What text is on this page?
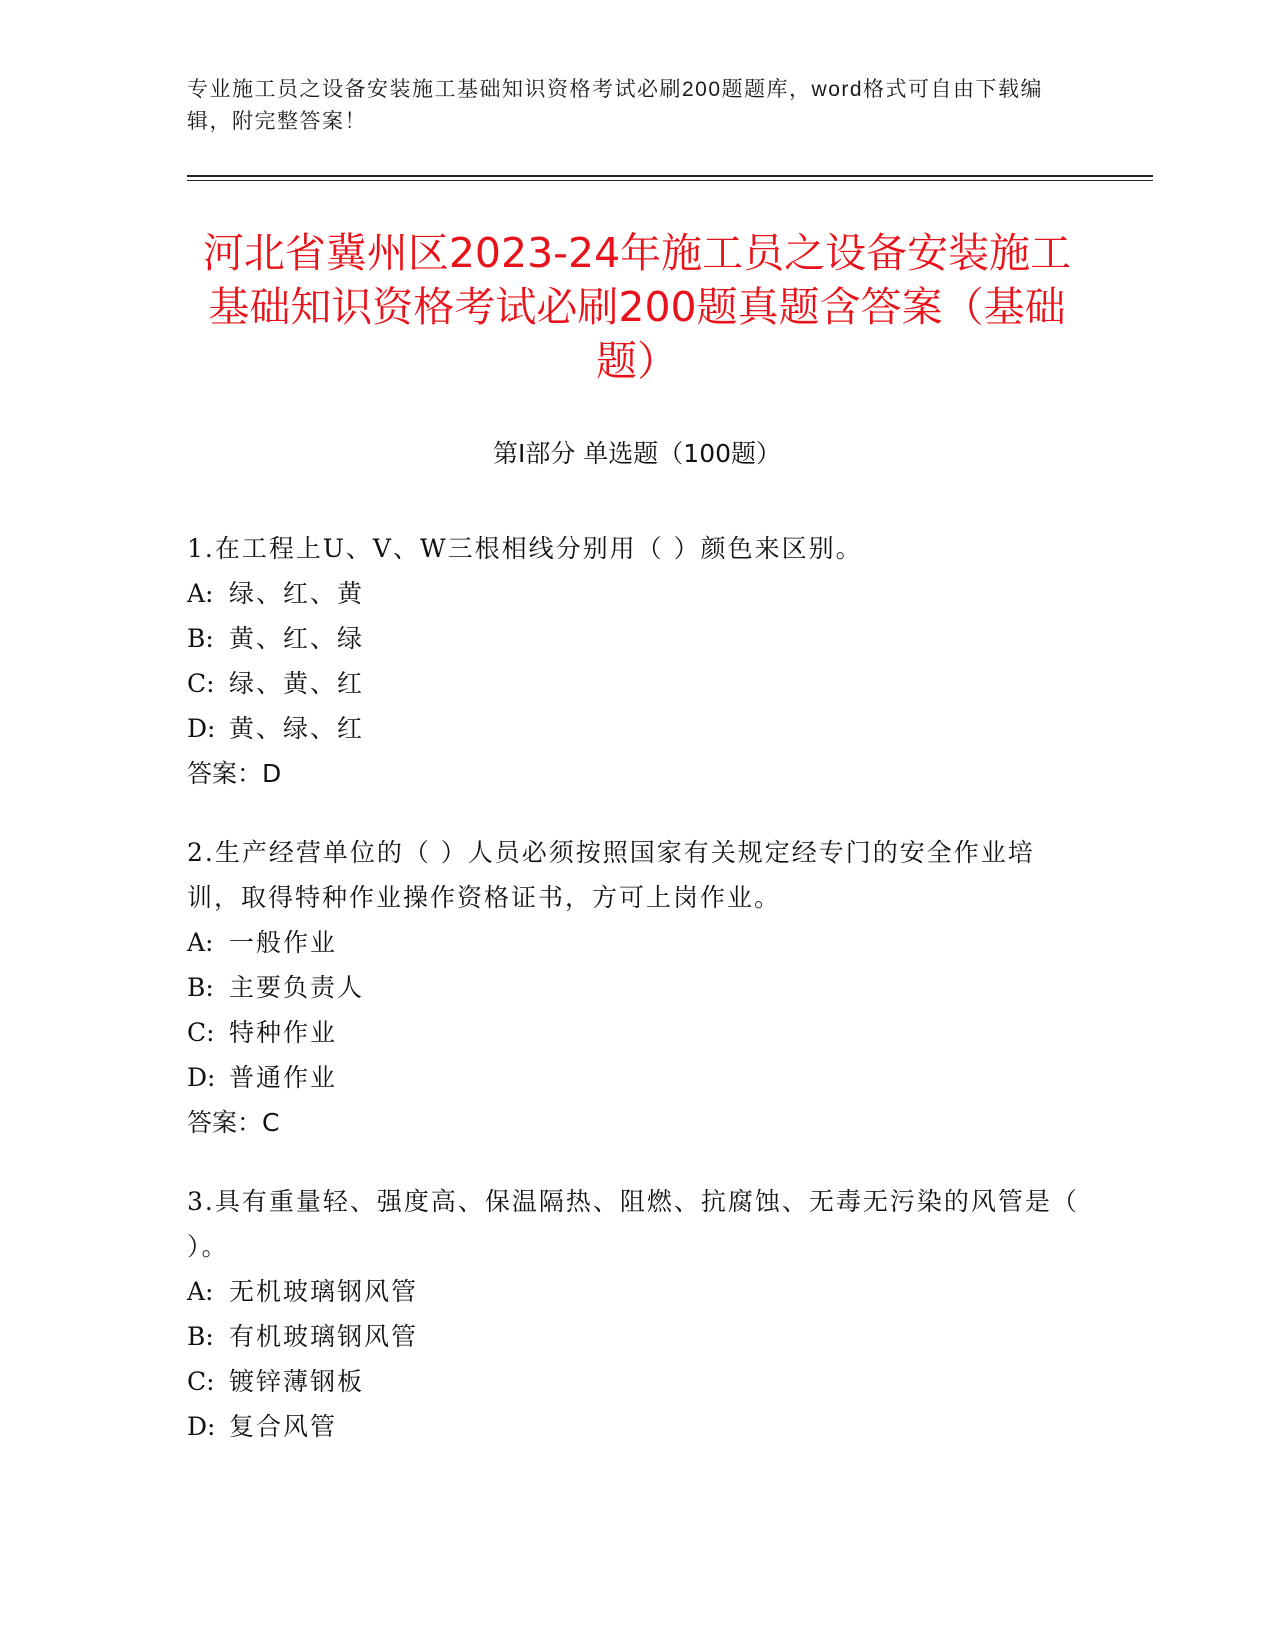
专业施工员之设备安装施工基础知识资格考试必刷200题题库，word格式可自由下载编辑，附完整答案！
河北省冀州区2023-24年施工员之设备安装施工基础知识资格考试必刷200题真题含答案（基础题）
第I部分 单选题（100题）
1.在工程上U、V、W三根相线分别用（ ）颜色来区别。
A: 绿、红、黄
B: 黄、红、绿
C: 绿、黄、红
D: 黄、绿、红
答案：D
2.生产经营单位的（ ）人员必须按照国家有关规定经专门的安全作业培训，取得特种作业操作资格证书，方可上岗作业。
A: 一般作业
B: 主要负责人
C: 特种作业
D: 普通作业
答案：C
3.具有重量轻、强度高、保温隔热、阻燃、抗腐蚀、无毒无污染的风管是（ ）。
A: 无机玻璃钢风管
B: 有机玻璃钢风管
C: 镀锌薄钢板
D: 复合风管
